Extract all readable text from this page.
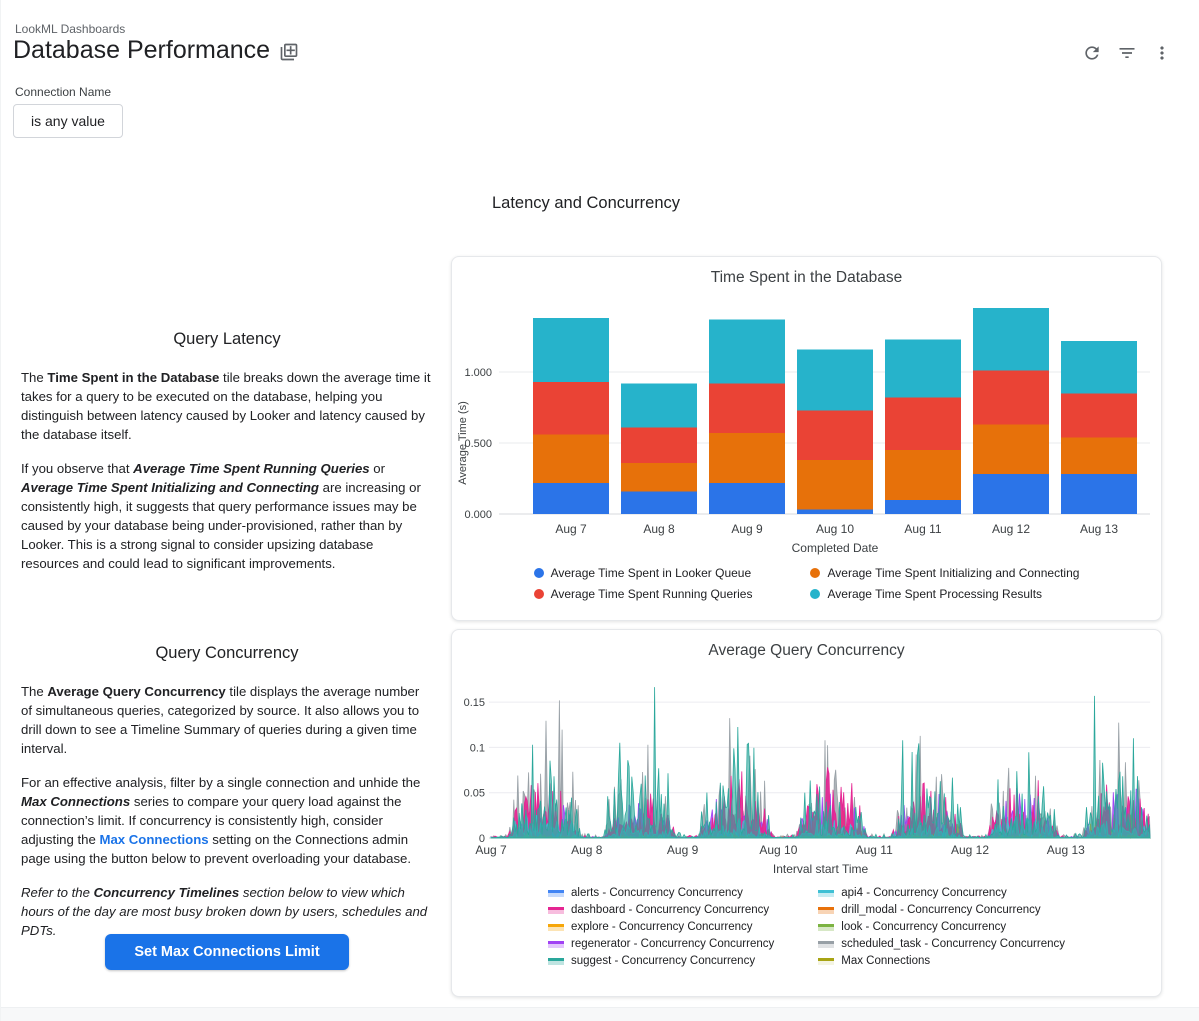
LookML Dashboards
Database Performance
Connection Name
is any value
Latency and Concurrency
Query Latency

The Time Spent in the Database tile breaks down the average time it takes for a query to be executed on the database, helping you distinguish between latency caused by Looker and latency caused by the database itself.

If you observe that Average Time Spent Running Queries or Average Time Spent Initializing and Connecting are increasing or consistently high, it suggests that query performance issues may be caused by your database being under-provisioned, rather than by Looker. This is a strong signal to consider upsizing database resources and could lead to significant improvements.

Query Concurrency

The Average Query Concurrency tile displays the average number of simultaneous queries, categorized by source. It also allows you to drill down to see a Timeline Summary of queries during a given time interval.

For an effective analysis, filter by a single connection and unhide the Max Connections series to compare your query load against the connection’s limit. If concurrency is consistently high, consider adjusting the Max Connections setting on the Connections admin page using the button below to prevent overloading your database.

Refer to the Concurrency Timelines section below to view which hours of the day are most busy broken down by users, schedules and PDTs.

Set Max Connections Limit
0.000
0.500
1.000
Average Time (s)
Aug 7	Aug 8	Aug 9	Aug 10	Aug 11	Aug 12	Aug 13
Completed Date
Time Spent in the Database
Average Time Spent in Looker Queue	Average Time Spent Initializing and Connecting
Average Time Spent Running Queries	Average Time Spent Processing Results
0
0.05
0.1
0.15
Aug 7	Aug 8	Aug 9	Aug 10	Aug 11	Aug 12	Aug 13
Interval start Time
Average Query Concurrency
alerts - Concurrency Concurrency	api4 - Concurrency Concurrency
dashboard - Concurrency Concurrency	drill_modal - Concurrency Concurrency
explore - Concurrency Concurrency	look - Concurrency Concurrency
regenerator - Concurrency Concurrency	scheduled_task - Concurrency Concurrency
suggest - Concurrency Concurrency	Max Connections
